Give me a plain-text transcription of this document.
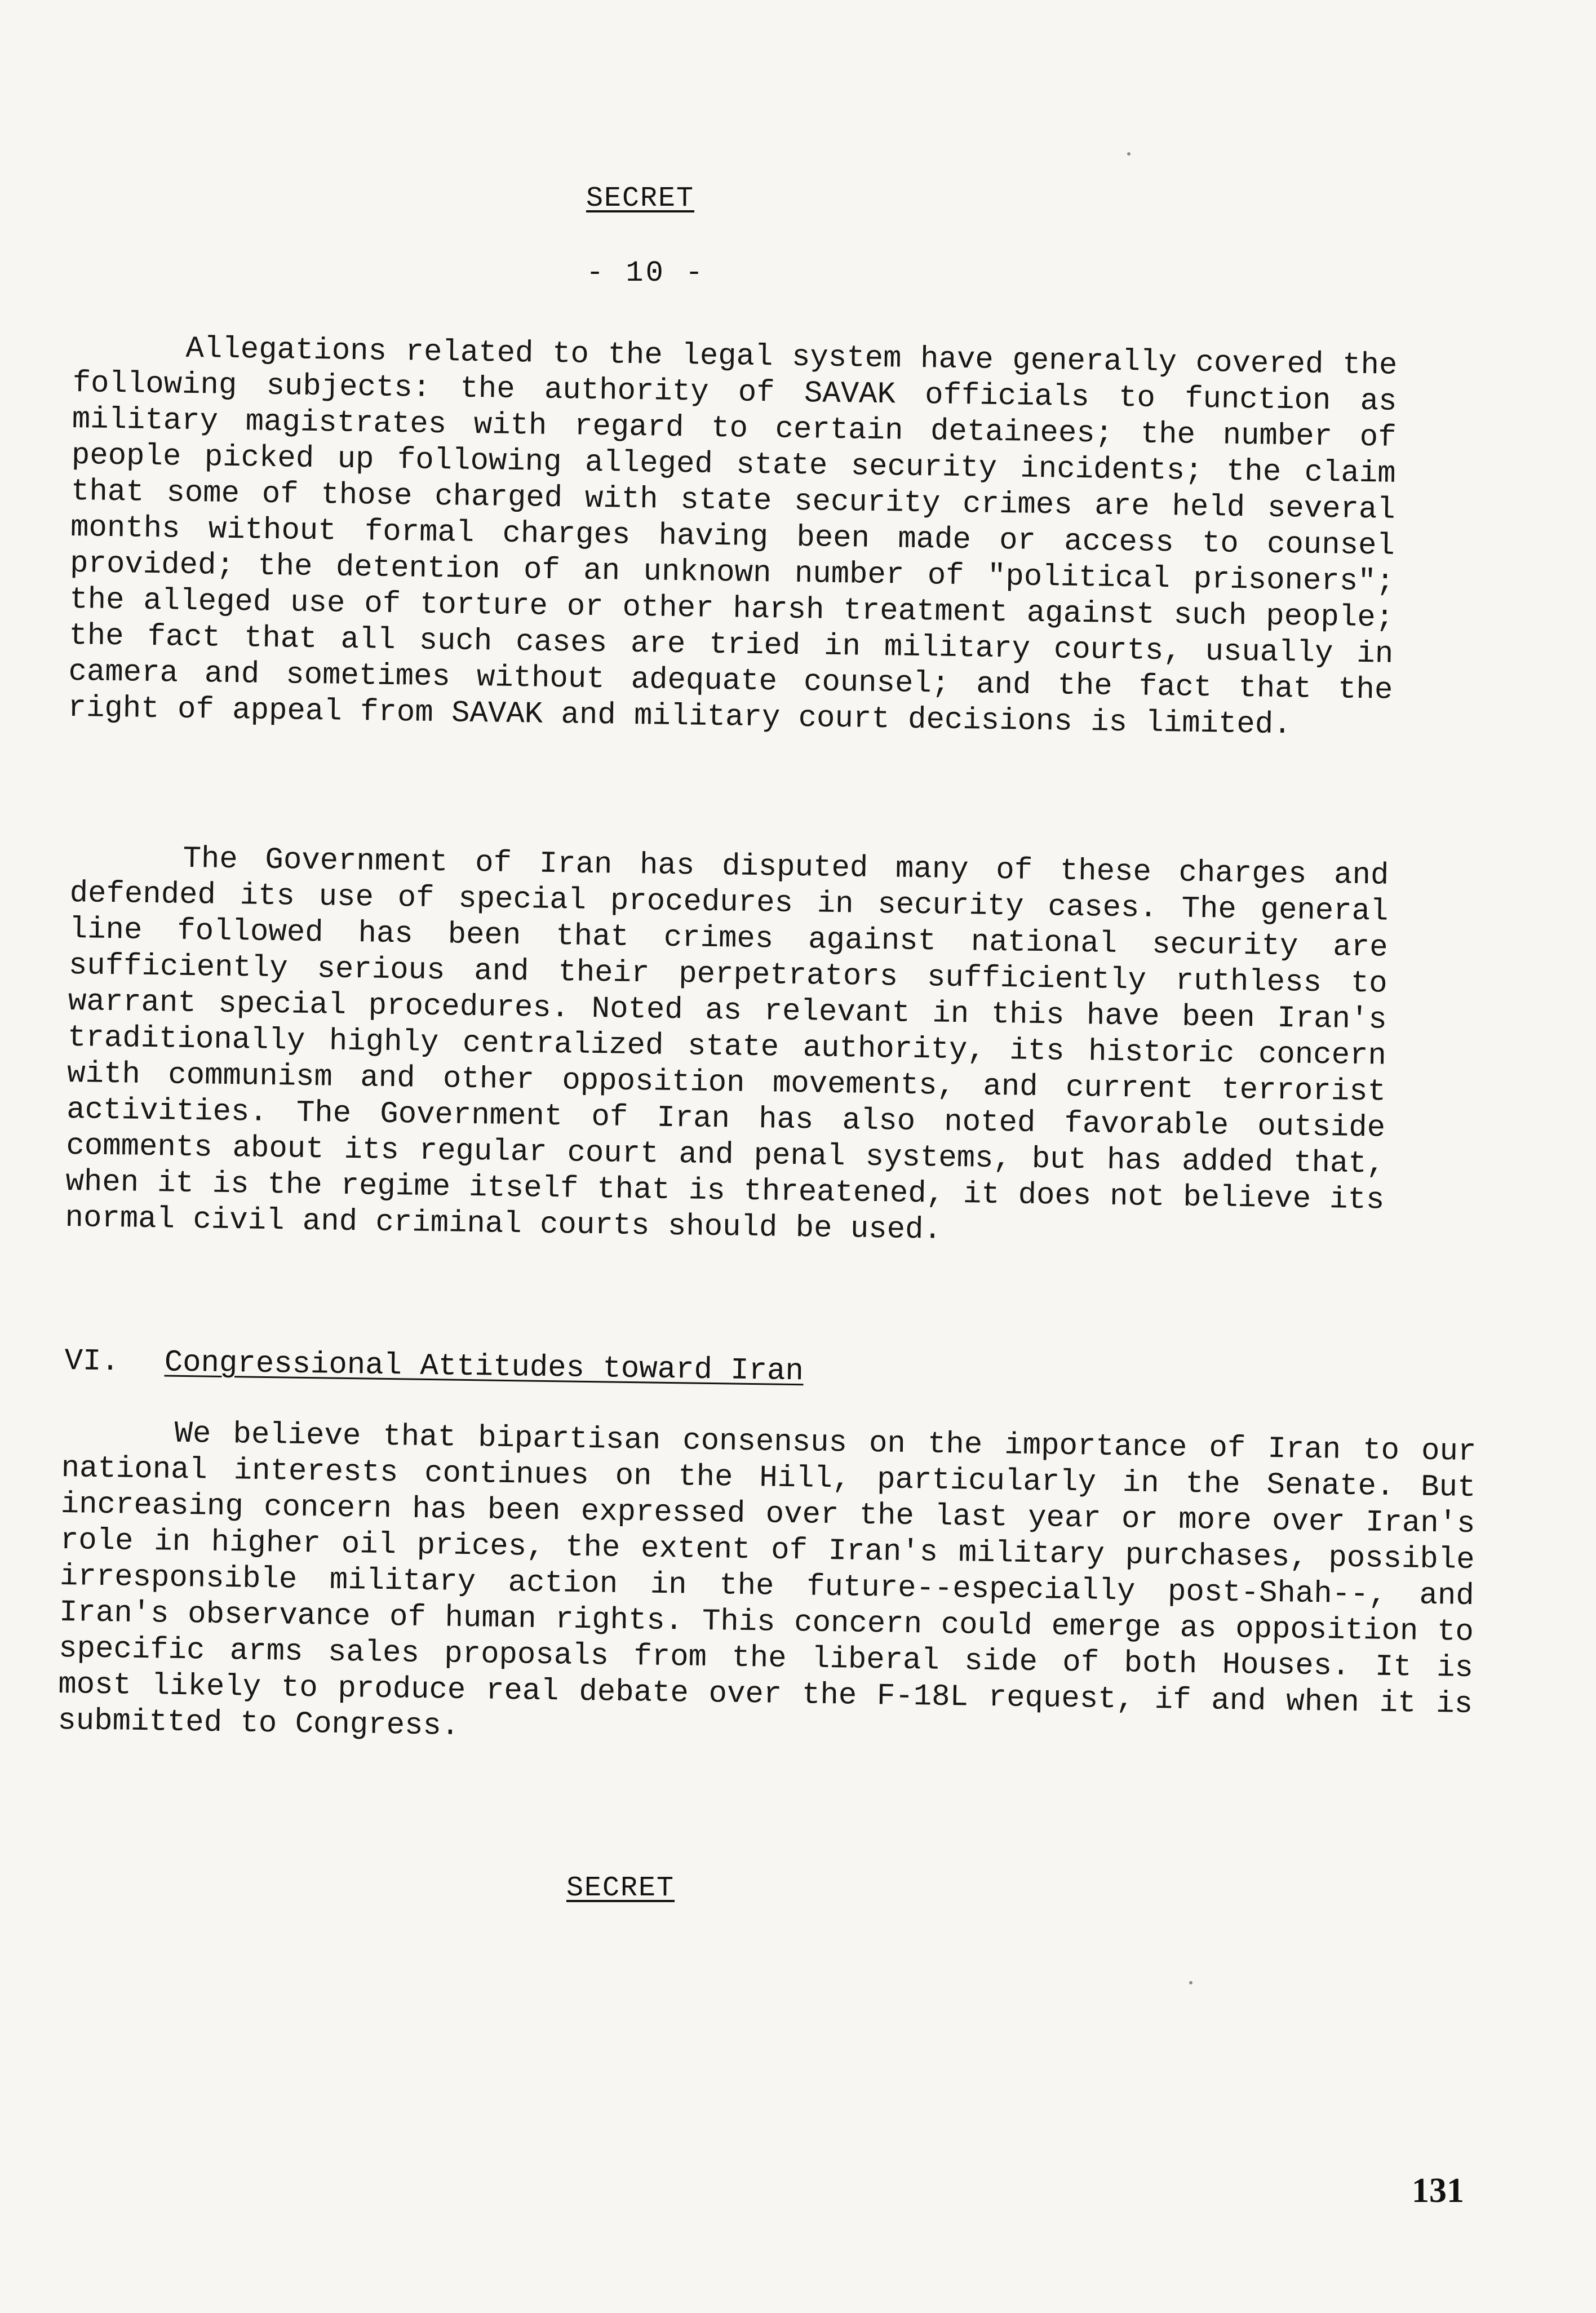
SECRET
- 10 -

Allegations related to the legal system have generally covered the following subjects: the authority of SAVAK officials to function as military magistrates with regard to certain detainees; the number of people picked up following alleged state security incidents; the claim that some of those charged with state security crimes are held several months without formal charges having been made or access to counsel provided; the detention of an unknown number of "political prisoners"; the alleged use of torture or other harsh treatment against such people; the fact that all such cases are tried in military courts, usually in camera and sometimes without adequate counsel; and the fact that the right of appeal from SAVAK and military court decisions is limited.

The Government of Iran has disputed many of these charges and defended its use of special procedures in security cases. The general line followed has been that crimes against national security are sufficiently serious and their perpetrators sufficiently ruthless to warrant special procedures. Noted as relevant in this have been Iran's traditionally highly centralized state authority, its historic concern with communism and other opposition movements, and current terrorist activities. The Government of Iran has also noted favorable outside comments about its regular court and penal systems, but has added that, when it is the regime itself that is threatened, it does not believe its normal civil and criminal courts should be used.

VI. Congressional Attitudes toward Iran

We believe that bipartisan consensus on the importance of Iran to our national interests continues on the Hill, particularly in the Senate. But increasing concern has been expressed over the last year or more over Iran's role in higher oil prices, the extent of Iran's military purchases, possible irresponsible military action in the future--especially post-Shah--, and Iran's observance of human rights. This concern could emerge as opposition to specific arms sales proposals from the liberal side of both Houses. It is most likely to produce real debate over the F-18L request, if and when it is submitted to Congress.

SECRET
131
